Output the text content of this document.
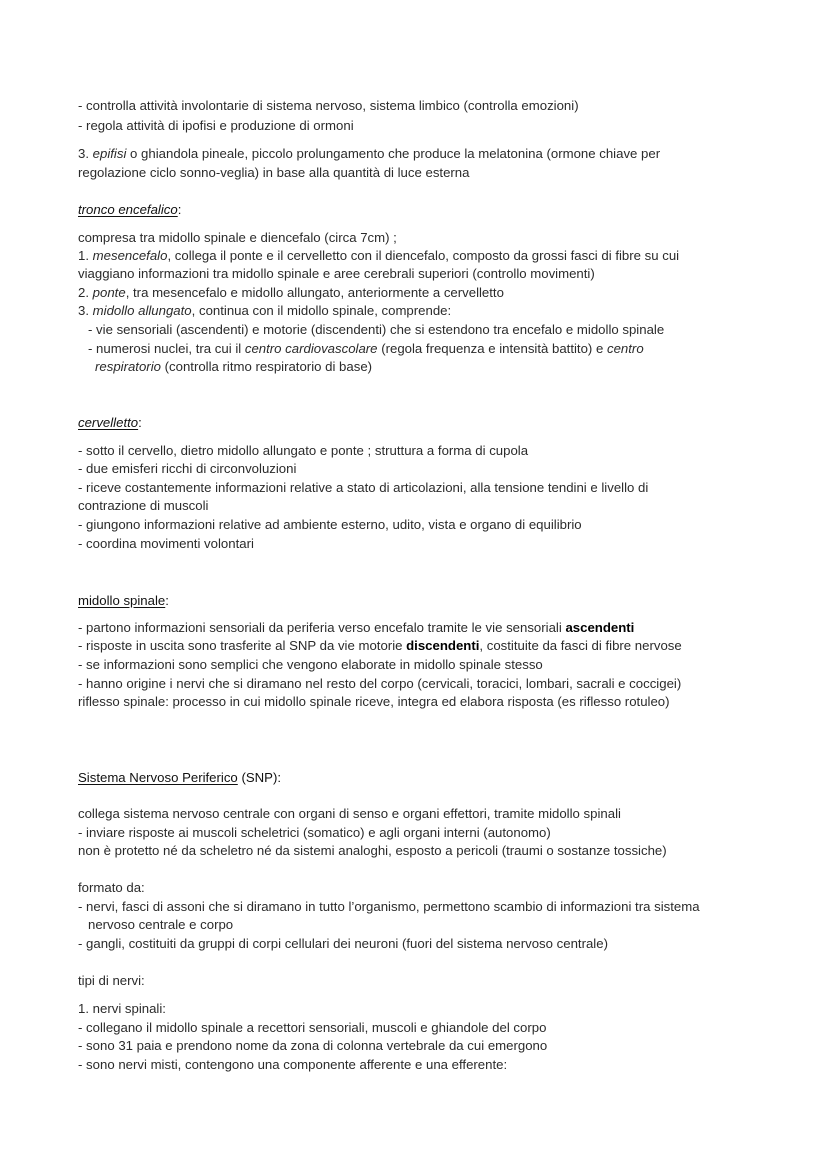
- controlla attività involontarie di sistema nervoso, sistema limbico (controlla emozioni)
- regola attività di ipofisi e produzione di ormoni
3. epifisi o ghiandola pineale, piccolo prolungamento che produce la melatonina (ormone chiave per
regolazione ciclo sonno-veglia) in base alla quantità di luce esterna
tronco encefalico:
compresa tra midollo spinale e diencefalo (circa 7cm) ;
1. mesencefalo, collega il ponte e il cervelletto con il diencefalo, composto da grossi fasci di fibre su cui
viaggiano informazioni tra midollo spinale e aree cerebrali superiori (controllo movimenti)
2. ponte, tra mesencefalo e midollo allungato, anteriormente a cervelletto
3. midollo allungato, continua con il midollo spinale, comprende:
- vie sensoriali (ascendenti) e motorie (discendenti) che si estendono tra encefalo e midollo spinale
- numerosi nuclei, tra cui il centro cardiovascolare (regola frequenza e intensità battito) e centro
respiratorio (controlla ritmo respiratorio di base)
cervelletto:
- sotto il cervello, dietro midollo allungato e ponte ; struttura a forma di cupola
- due emisferi ricchi di circonvoluzioni
- riceve costantemente informazioni relative a stato di articolazioni, alla tensione tendini e livello di
contrazione di muscoli
- giungono informazioni relative ad ambiente esterno, udito, vista e organo di equilibrio
- coordina movimenti volontari
midollo spinale:
- partono informazioni sensoriali da periferia verso encefalo tramite le vie sensoriali ascendenti
- risposte in uscita sono trasferite al SNP da vie motorie discendenti, costituite da fasci di fibre nervose
- se informazioni sono semplici che vengono elaborate in midollo spinale stesso
- hanno origine i nervi che si diramano nel resto del corpo (cervicali, toracici, lombari, sacrali e coccigei)
riflesso spinale: processo in cui midollo spinale riceve, integra ed elabora risposta (es riflesso rotuleo)
Sistema Nervoso Periferico (SNP):
collega sistema nervoso centrale con organi di senso e organi effettori, tramite midollo spinali
- inviare risposte ai muscoli scheletrici (somatico) e agli organi interni (autonomo)
non è protetto né da scheletro né da sistemi analoghi, esposto a pericoli (traumi o sostanze tossiche)
formato da:
- nervi, fasci di assoni che si diramano in tutto l’organismo, permettono scambio di informazioni tra sistema
nervoso centrale e corpo
- gangli, costituiti da gruppi di corpi cellulari dei neuroni (fuori del sistema nervoso centrale)
tipi di nervi:
1. nervi spinali:
- collegano il midollo spinale a recettori sensoriali, muscoli e ghiandole del corpo
- sono 31 paia e prendono nome da zona di colonna vertebrale da cui emergono
- sono nervi misti, contengono una componente afferente e una efferente:
